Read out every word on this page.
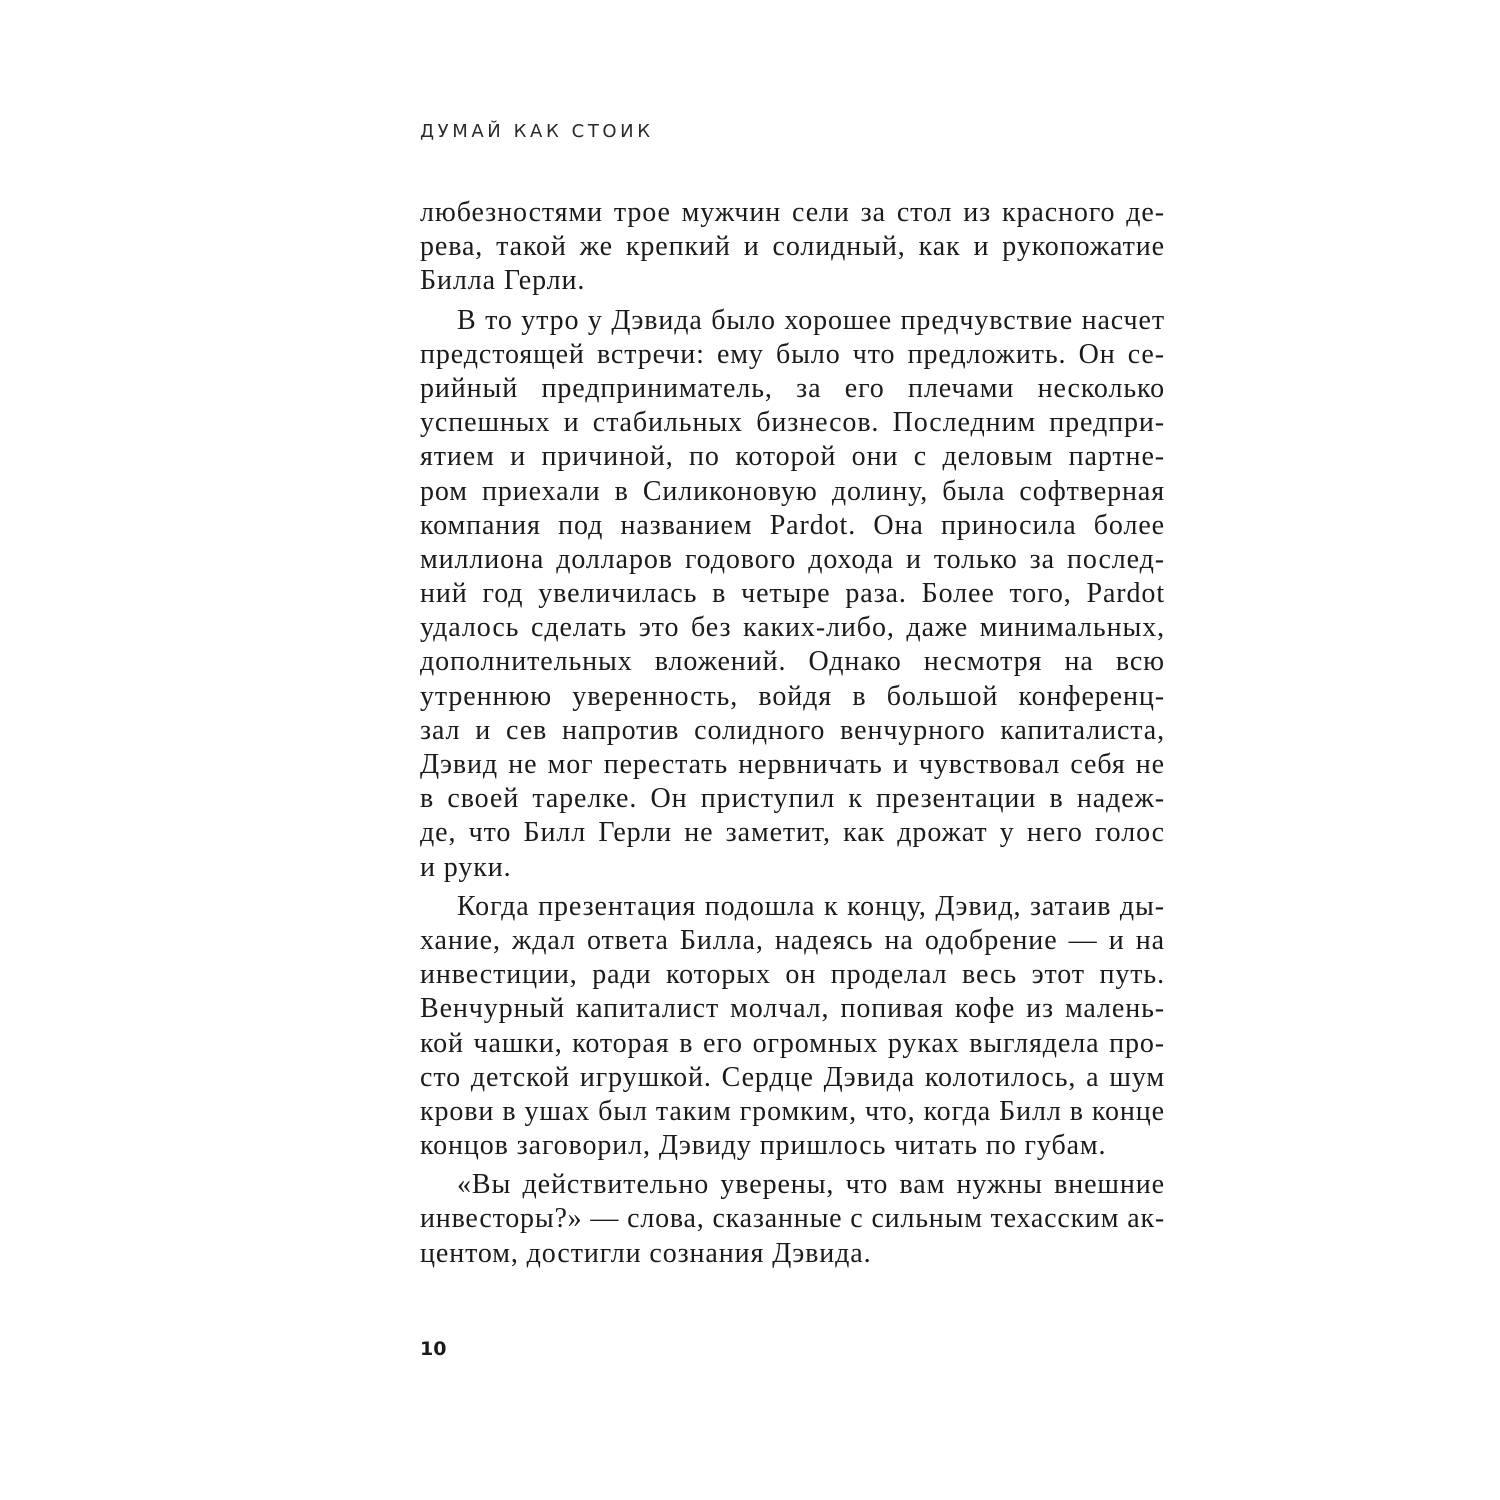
ДУМАЙ КАК СТОИК
любезностями трое мужчин сели за стол из красного де-
рева, такой же крепкий и солидный, как и рукопожатие
Билла Герли.
В то утро у Дэвида было хорошее предчувствие насчет
предстоящей встречи: ему было что предложить. Он се-
рийный предприниматель, за его плечами несколько
успешных и стабильных бизнесов. Последним предпри-
ятием и причиной, по которой они с деловым партне-
ром приехали в Силиконовую долину, была софтверная
компания под названием Pardot. Она приносила более
миллиона долларов годового дохода и только за послед-
ний год увеличилась в четыре раза. Более того, Pardot
удалось сделать это без каких-либо, даже минимальных,
дополнительных вложений. Однако несмотря на всю
утреннюю уверенность, войдя в большой конференц-
зал и сев напротив солидного венчурного капиталиста,
Дэвид не мог перестать нервничать и чувствовал себя не
в своей тарелке. Он приступил к презентации в надеж-
де, что Билл Герли не заметит, как дрожат у него голос
и руки.
Когда презентация подошла к концу, Дэвид, затаив ды-
хание, ждал ответа Билла, надеясь на одобрение — и на
инвестиции, ради которых он проделал весь этот путь.
Венчурный капиталист молчал, попивая кофе из малень-
кой чашки, которая в его огромных руках выглядела про-
сто детской игрушкой. Сердце Дэвида колотилось, а шум
крови в ушах был таким громким, что, когда Билл в конце
концов заговорил, Дэвиду пришлось читать по губам.
«Вы действительно уверены, что вам нужны внешние
инвесторы?» — слова, сказанные с сильным техасским ак-
центом, достигли сознания Дэвида.
10
